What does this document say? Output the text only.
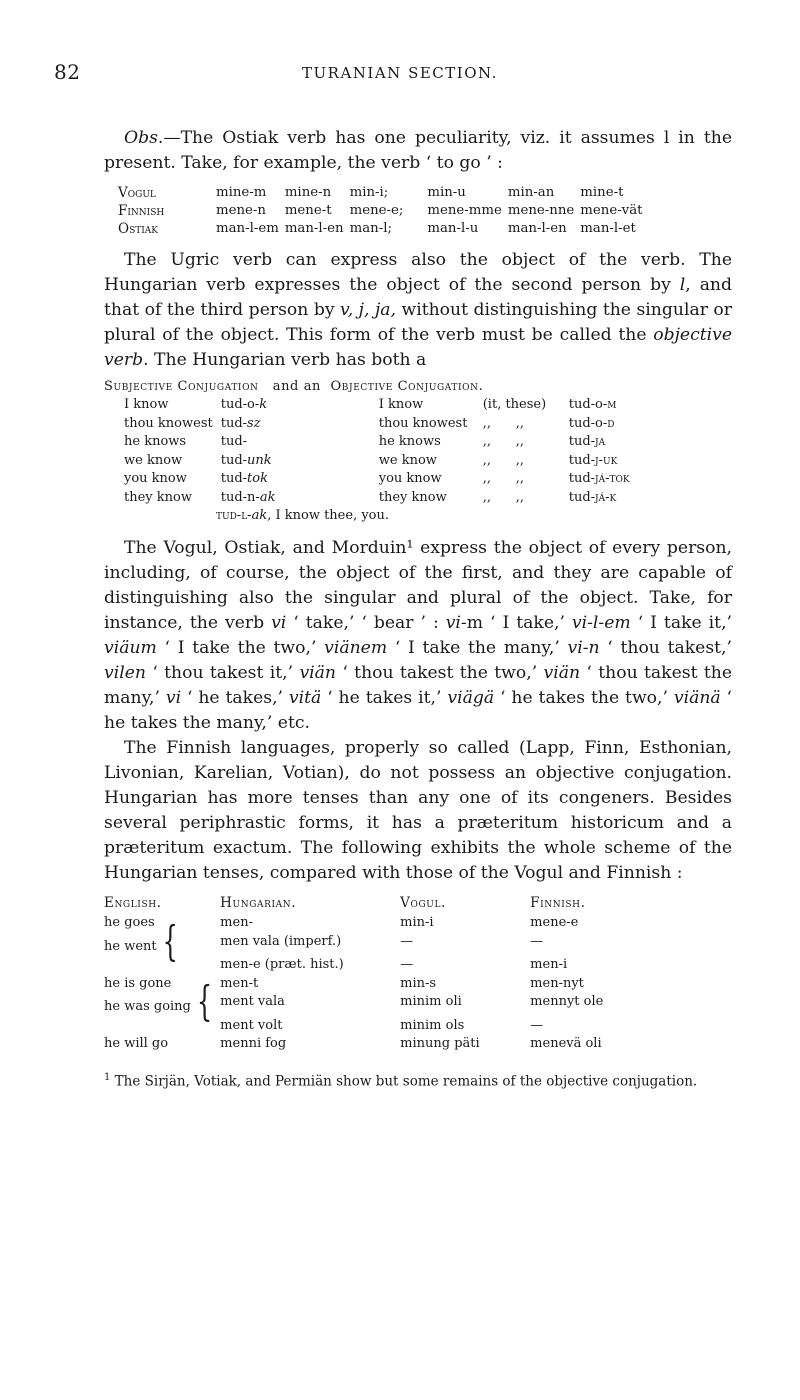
82	TURANIAN SECTION.

Obs.—The Ostiak verb has one peculiarity, viz. it assumes l in the present. Take, for example, the verb ‘ to go ’ :

Vogul	mine-m	mine-n	min-i;	min-u	min-an	mine-t
Finnish	mene-n	mene-t	mene-e;	mene-mme	mene-nne	mene-vät
Ostiak	man-l-em	man-l-en	man-l;	man-l-u	man-l-en	man-l-et

The Ugric verb can express also the object of the verb. The Hungarian verb expresses the object of the second person by l, and that of the third person by v, j, ja, without distinguishing the singular or plural of the object. This form of the verb must be called the objective verb. The Hungarian verb has both a

Subjective Conjugation and an Objective Conjugation.
I know	tud-o-k	I know	(it, these)	tud-o-m
thou knowest	tud-sz	thou knowest	,,      ,,	tud-o-d
he knows	tud-	he knows	,,      ,,	tud-ja
we know	tud-unk	we know	,,      ,,	tud-j-uk
you know	tud-tok	you know	,,      ,,	tud-já-tok
they know	tud-n-ak	they know	,,      ,,	tud-já-k
tud-l-ak, I know thee, you.				

The Vogul, Ostiak, and Morduin¹ express the object of every person, including, of course, the object of the first, and they are capable of distinguishing also the singular and plural of the object. Take, for instance, the verb vi ‘ take,’ ‘ bear ’ : vi-m ‘ I take,’ vi-l-em ‘ I take it,’ viäum ‘ I take the two,’ viänem ‘ I take the many,’ vi-n ‘ thou takest,’ vilen ‘ thou takest it,’ viän ‘ thou takest the two,’ viän ‘ thou takest the many,’ vi ‘ he takes,’ vitä ‘ he takes it,’ viägä ‘ he takes the two,’ viänä ‘ he takes the many,’ etc.

The Finnish languages, properly so called (Lapp, Finn, Esthonian, Livonian, Karelian, Votian), do not possess an objective conjugation. Hungarian has more tenses than any one of its congeners. Besides several periphrastic forms, it has a præteritum historicum and a præteritum exactum. The following exhibits the whole scheme of the Hungarian tenses, compared with those of the Vogul and Finnish :

English.	Hungarian.	Vogul.	Finnish.
he goes	men-	min-i	mene-e
he went {	men vala (imperf.)	—	—
	men-e (præt. hist.)	—	men-i
he is gone	men-t	min-s	men-nyt
he was going {	ment vala	minim oli	mennyt ole
	ment volt	minim ols	—
he will go	menni fog	minung päti	menevä oli
$^1$ The Sirjän, Votiak, and Permiän show but some remains of the objective conjugation.
